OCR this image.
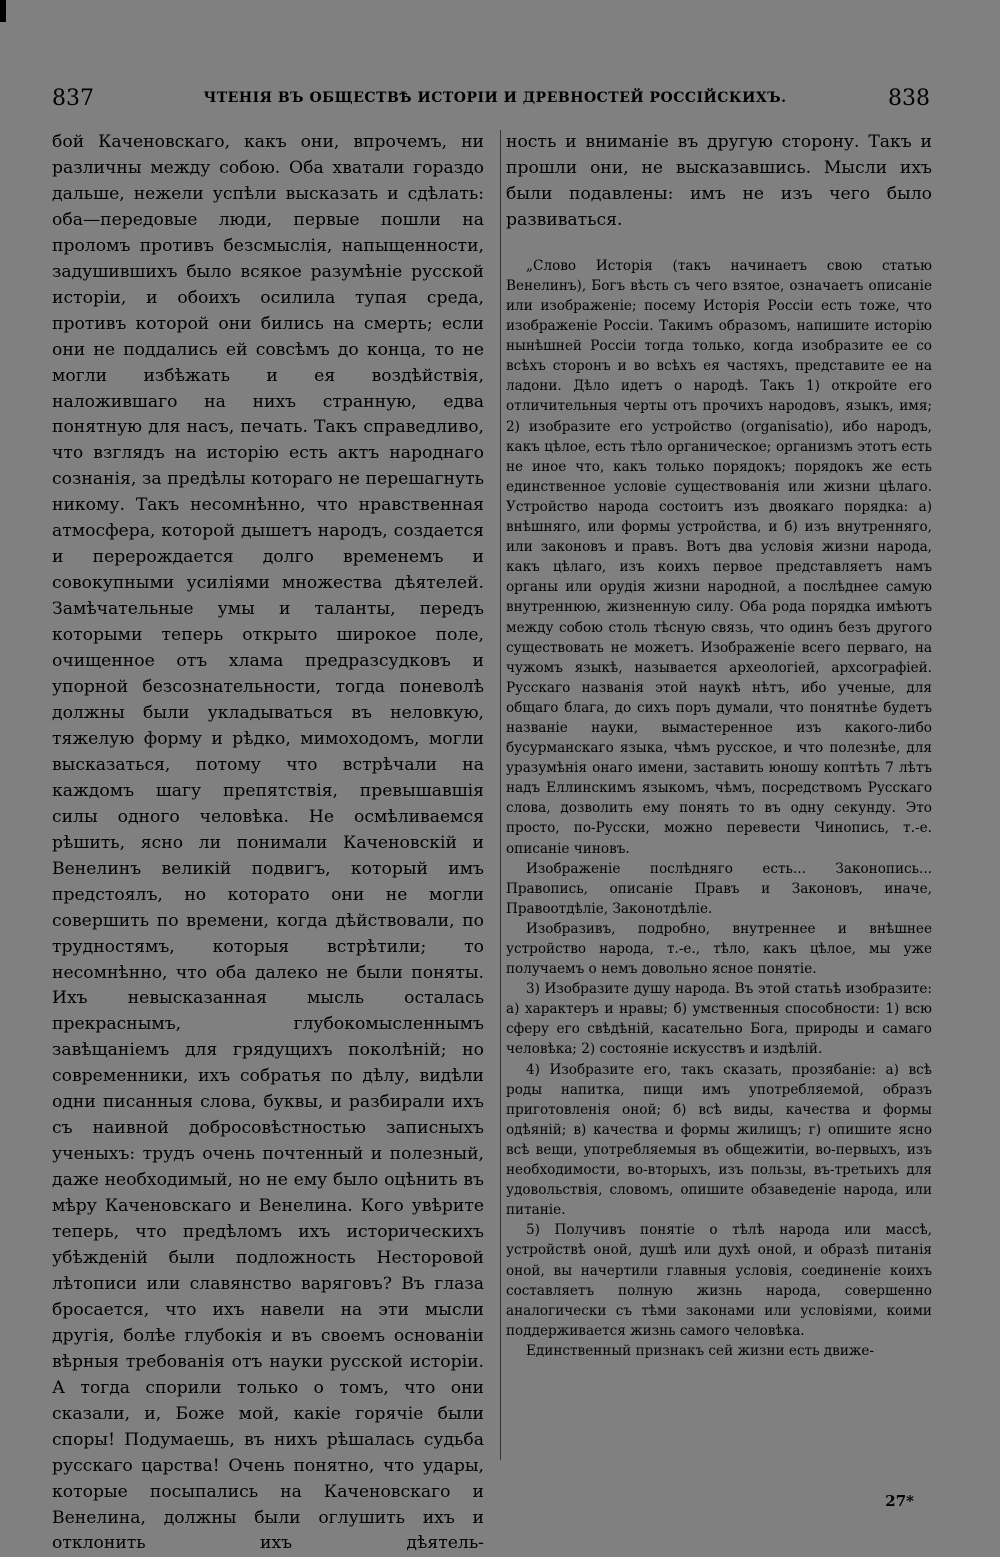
837	ЧТЕНІЯ ВЪ ОБЩЕСТВѢ ИСТОРІИ И ДРЕВНОСТЕЙ РОССІЙСКИХЪ.	838

бой Каченовскаго, какъ они, впрочемъ, ни различны между собою. Оба хватали гораздо дальше, нежели успѣли высказать и сдѣлать: оба—передовые люди, первые пошли на проломъ противъ безсмыслія, напыщенности, задушившихъ было всякое разумѣніе русской исторіи, и обоихъ осилила тупая среда, противъ которой они бились на смерть; если они не поддались ей совсѣмъ до конца, то не могли избѣжать и ея воздѣйствія, наложившаго на нихъ странную, едва понятную для насъ, печать. Такъ справедливо, что взглядъ на исторію есть актъ народнаго сознанія, за предѣлы котораго не перешагнуть никому. Такъ несомнѣнно, что нравственная атмосфера, которой дышетъ народъ, создается и перерождается долго временемъ и совокупными усиліями множества дѣятелей. Замѣчательные умы и таланты, передъ которыми теперь открыто широкое поле, очищенное отъ хлама предразсудковъ и упорной безсознательности, тогда поневолѣ должны были укладываться въ неловкую, тяжелую форму и рѣдко, мимоходомъ, могли высказаться, потому что встрѣчали на каждомъ шагу препятствія, превышавшія силы одного человѣка. Не осмѣливаемся рѣшить, ясно ли понимали Каченовскій и Венелинъ великій подвигъ, который имъ предстоялъ, но которато они не могли совершить по времени, когда дѣйствовали, по трудностямъ, которыя встрѣтили; то несомнѣнно, что оба далеко не были поняты. Ихъ невысказанная мысль осталась прекраснымъ, глубокомысленнымъ завѣщаніемъ для грядущихъ поколѣній; но современники, ихъ собратья по дѣлу, видѣли одни писанныя слова, буквы, и разбирали ихъ съ наивной добросовѣстностью записныхъ ученыхъ: трудъ очень почтенный и полезный, даже необходимый, но не ему было оцѣнить въ мѣру Каченовскаго и Венелина. Кого увѣрите теперь, что предѣломъ ихъ историческихъ убѣжденій были подложность Несторовой лѣтописи или славянство варяговъ? Въ глаза бросается, что ихъ навели на эти мысли другія, болѣе глубокія и въ своемъ основаніи вѣрныя требованія отъ науки русской исторіи. А тогда спорили только о томъ, что они сказали, и, Боже мой, какіе горячіе были споры! Подумаешь, въ нихъ рѣшалась судьба русскаго царства! Очень понятно, что удары, которые посыпались на Каченовскаго и Венелина, должны были оглушить ихъ и отклонить ихъ дѣятель-

ность и вниманіе въ другую сторону. Такъ и прошли они, не высказавшись. Мысли ихъ были подавлены: имъ не изъ чего было развиваться.

„Слово Исторія (такъ начинаетъ свою статью Венелинъ), Богъ вѣсть съ чего взятое, означаетъ описаніе или изображеніе; посему Исторія Россіи есть тоже, что изображеніе Россіи. Такимъ образомъ, напишите исторію нынѣшней Россіи тогда только, когда изобразите ее со всѣхъ сторонъ и во всѣхъ ея частяхъ, представите ее на ладони. Дѣло идетъ о народѣ. Такъ 1) откройте его отличительныя черты отъ прочихъ народовъ, языкъ, имя; 2) изобразите его устройство (organisatio), ибо народъ, какъ цѣлое, есть тѣло органическое; организмъ этотъ есть не иное что, какъ только порядокъ; порядокъ же есть единственное условіе существованія или жизни цѣлаго. Устройство народа состоитъ изъ двоякаго порядка: а) внѣшняго, или формы устройства, и б) изъ внутренняго, или законовъ и правъ. Вотъ два условія жизни народа, какъ цѣлаго, изъ коихъ первое представляетъ намъ органы или орудія жизни народной, а послѣднее самую внутреннюю, жизненную силу. Оба рода порядка имѣютъ между собою столь тѣсную связь, что одинъ безъ другого существовать не можетъ. Изображеніе всего перваго, на чужомъ языкѣ, называется археологіей, архсографіей. Русскаго названія этой наукѣ нѣтъ, ибо ученые, для общаго блага, до сихъ поръ думали, что понятнѣе будетъ названіе науки, вымастеренное изъ какого-либо бусурманскаго языка, чѣмъ русское, и что полезнѣе, для уразумѣнія онаго имени, заставить юношу коптѣть 7 лѣтъ надъ Еллинскимъ языкомъ, чѣмъ, посредствомъ Русскаго слова, дозволить ему понять то въ одну секунду. Это просто, по-Русски, можно перевести Чинопись, т.-е. описаніе чиновъ.

Изображеніе послѣдняго есть... Законопись... Правопись, описаніе Правъ и Законовъ, иначе, Правоотдѣліе, Законотдѣліе.

Изобразивъ, подробно, внутреннее и внѣшнее устройство народа, т.-е., тѣло, какъ цѣлое, мы уже получаемъ о немъ довольно ясное понятіе.

3) Изобразите душу народа. Въ этой статьѣ изобразите: а) характеръ и нравы; б) умственныя способности: 1) всю сферу его свѣдѣній, касательно Бога, природы и самаго человѣка; 2) состояніе искусствъ и издѣлій.

4) Изобразите его, такъ сказать, прозябаніе: а) всѣ роды напитка, пищи имъ употребляемой, образъ приготовленія оной; б) всѣ виды, качества и формы одѣяній; в) качества и формы жилищъ; г) опишите ясно всѣ вещи, употребляемыя въ общежитіи, во-первыхъ, изъ необходимости, во-вторыхъ, изъ пользы, въ-третьихъ для удовольствія, словомъ, опишите обзаведеніе народа, или питаніе.

5) Получивъ понятіе о тѣлѣ народа или массѣ, устройствѣ оной, душѣ или духѣ оной, и образѣ питанія оной, вы начертили главныя условія, соединеніе коихъ составляетъ полную жизнь народа, совершенно аналогически съ тѣми законами или условіями, коими поддерживается жизнь самого человѣка.

Единственный признакъ сей жизни есть движе-

27*
